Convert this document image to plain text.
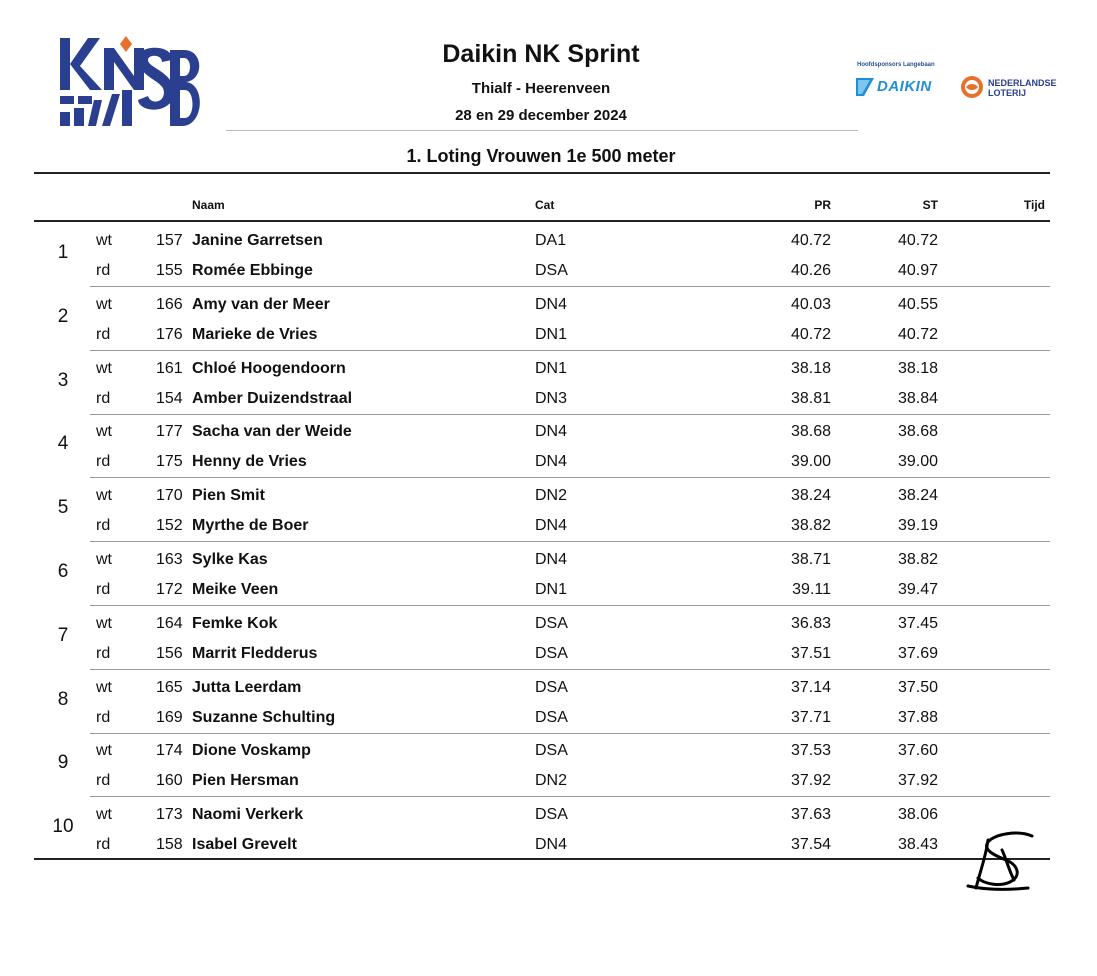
Daikin NK Sprint
Thialf - Heerenveen
28 en 29 december 2024
Hoofdsponsors Langebaan
DAIKIN	NEDERLANDSE
LOTERIJ
1. Loting Vrouwen 1e 500 meter
Naam	Cat	PR	ST	Tijd
1
wt	157 Janine Garretsen	DA1	40.72	40.72
rd	155 Romée Ebbinge	DSA	40.26	40.97
2
wt	166 Amy van der Meer	DN4	40.03	40.55
rd	176 Marieke de Vries	DN1	40.72	40.72
3
wt	161 Chloé Hoogendoorn	DN1	38.18	38.18
rd	154 Amber Duizendstraal	DN3	38.81	38.84
4
wt	177 Sacha van der Weide	DN4	38.68	38.68
rd	175 Henny de Vries	DN4	39.00	39.00
5
wt	170 Pien Smit	DN2	38.24	38.24
rd	152 Myrthe de Boer	DN4	38.82	39.19
6
wt	163 Sylke Kas	DN4	38.71	38.82
rd	172 Meike Veen	DN1	39.11	39.47
7
wt	164 Femke Kok	DSA	36.83	37.45
rd	156 Marrit Fledderus	DSA	37.51	37.69
8
wt	165 Jutta Leerdam	DSA	37.14	37.50
rd	169 Suzanne Schulting	DSA	37.71	37.88
9
wt	174 Dione Voskamp	DSA	37.53	37.60
rd	160 Pien Hersman	DN2	37.92	37.92
10
wt	173 Naomi Verkerk	DSA	37.63	38.06
rd	158 Isabel Grevelt	DN4	37.54	38.43
